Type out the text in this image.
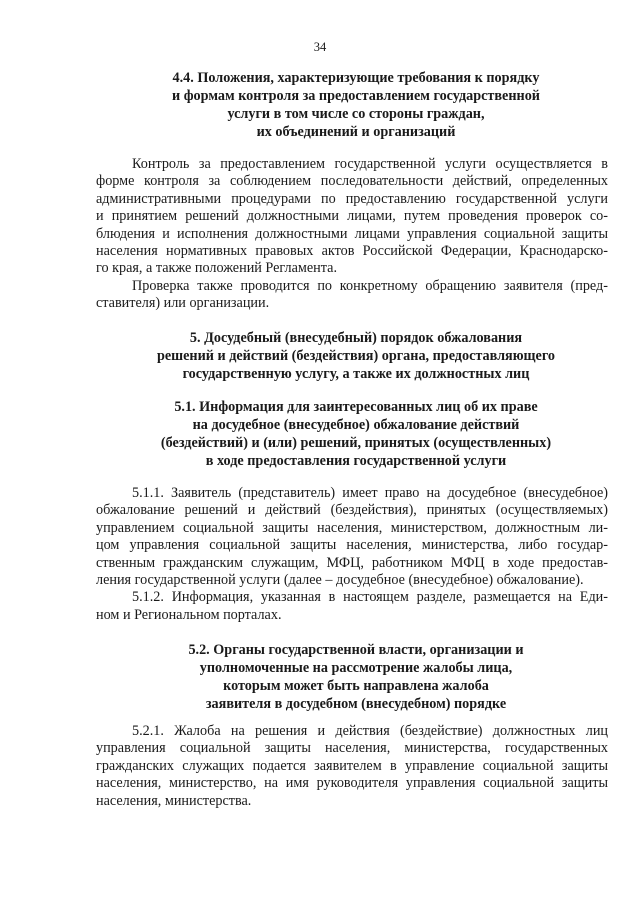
34
4.4. Положения, характеризующие требования к порядку
и формам контроля за предоставлением государственной
услуги в том числе со стороны граждан,
их объединений и организаций
Контроль за предоставлением государственной услуги осуществляется в
форме контроля за соблюдением последовательности действий, определенных
административными процедурами по предоставлению государственной услуги
и принятием решений должностными лицами, путем проведения проверок со-
блюдения и исполнения должностными лицами управления социальной защиты
населения нормативных правовых актов Российской Федерации, Краснодарско-
го края, а также положений Регламента.
Проверка также проводится по конкретному обращению заявителя (пред-
ставителя) или организации.
5. Досудебный (внесудебный) порядок обжалования
решений и действий (бездействия) органа, предоставляющего
государственную услугу, а также их должностных лиц
5.1. Информация для заинтересованных лиц об их праве
на досудебное (внесудебное) обжалование действий
(бездействий) и (или) решений, принятых (осуществленных)
в ходе предоставления государственной услуги
5.1.1. Заявитель (представитель) имеет право на досудебное (внесудебное)
обжалование решений и действий (бездействия), принятых (осуществляемых)
управлением социальной защиты населения, министерством, должностным ли-
цом управления социальной защиты населения, министерства, либо государ-
ственным гражданским служащим, МФЦ, работником МФЦ в ходе предостав-
ления государственной услуги (далее – досудебное (внесудебное) обжалование).
5.1.2. Информация, указанная в настоящем разделе, размещается на Еди-
ном и Региональном порталах.
5.2. Органы государственной власти, организации и
уполномоченные на рассмотрение жалобы лица,
которым может быть направлена жалоба
заявителя в досудебном (внесудебном) порядке
5.2.1. Жалоба на решения и действия (бездействие) должностных лиц
управления социальной защиты населения, министерства, государственных
гражданских служащих подается заявителем в управление социальной защиты
населения, министерство, на имя руководителя управления социальной защиты
населения, министерства.
